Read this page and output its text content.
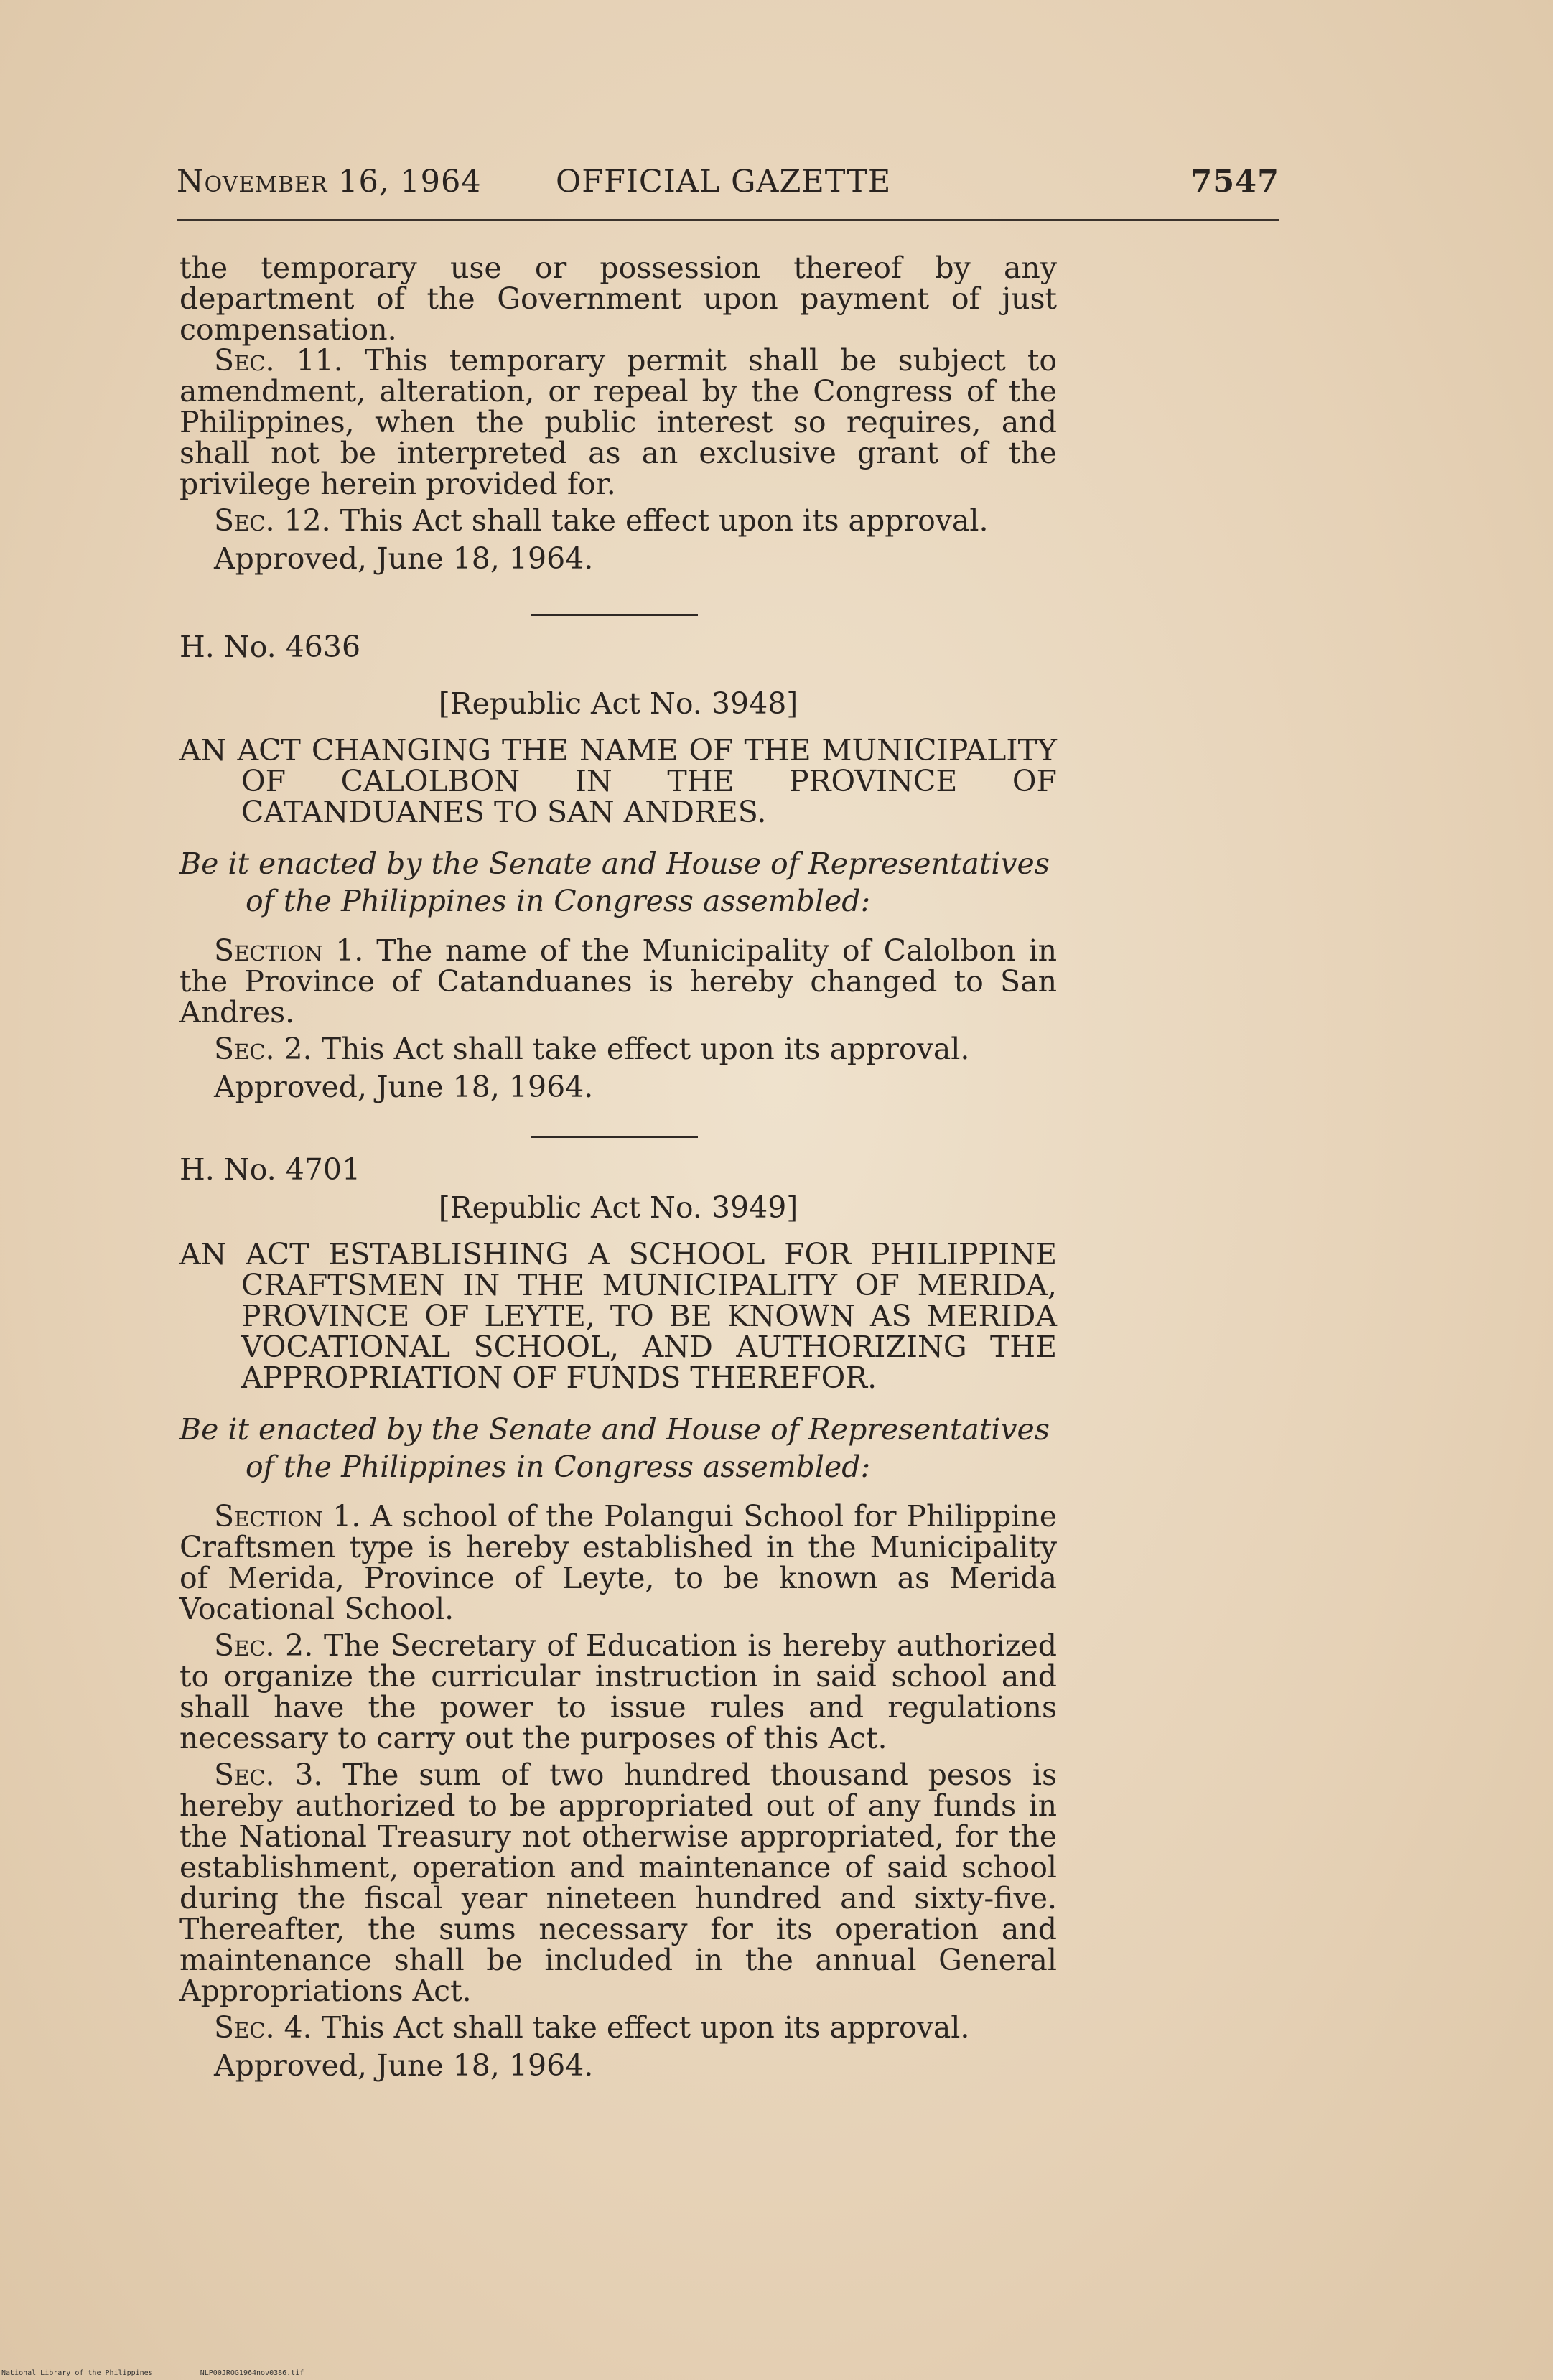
November 16, 1964 OFFICIAL GAZETTE	7547

the temporary use or possession thereof by any department of the Government upon payment of just compensation.

Sec. 11. This temporary permit shall be subject to amendment, alteration, or repeal by the Congress of the Philippines, when the public interest so requires, and shall not be interpreted as an exclusive grant of the privilege herein provided for.

Sec. 12. This Act shall take effect upon its approval.

Approved, June 18, 1964.

H. No. 4636

[Republic Act No. 3948]

AN ACT CHANGING THE NAME OF THE MUNICIPALITY OF CALOLBON IN THE PROVINCE OF CATANDUANES TO SAN ANDRES.

Be it enacted by the Senate and House of Representatives of the Philippines in Congress assembled:

Section 1. The name of the Municipality of Calolbon in the Province of Catanduanes is hereby changed to San Andres.

Sec. 2. This Act shall take effect upon its approval.

Approved, June 18, 1964.

H. No. 4701

[Republic Act No. 3949]

AN ACT ESTABLISHING A SCHOOL FOR PHILIPPINE CRAFTSMEN IN THE MUNICIPALITY OF MERIDA, PROVINCE OF LEYTE, TO BE KNOWN AS MERIDA VOCATIONAL SCHOOL, AND AUTHORIZING THE APPROPRIATION OF FUNDS THEREFOR.

Be it enacted by the Senate and House of Representatives of the Philippines in Congress assembled:

Section 1. A school of the Polangui School for Philippine Craftsmen type is hereby established in the Municipality of Merida, Province of Leyte, to be known as Merida Vocational School.

Sec. 2. The Secretary of Education is hereby authorized to organize the curricular instruction in said school and shall have the power to issue rules and regulations necessary to carry out the purposes of this Act.

Sec. 3. The sum of two hundred thousand pesos is hereby authorized to be appropriated out of any funds in the National Treasury not otherwise appropriated, for the establishment, operation and maintenance of said school during the fiscal year nineteen hundred and sixty-five. Thereafter, the sums necessary for its operation and maintenance shall be included in the annual General Appropriations Act.

Sec. 4. This Act shall take effect upon its approval.

Approved, June 18, 1964.

National Library of the Philippines	NLP00JROG1964nov0386.tif
